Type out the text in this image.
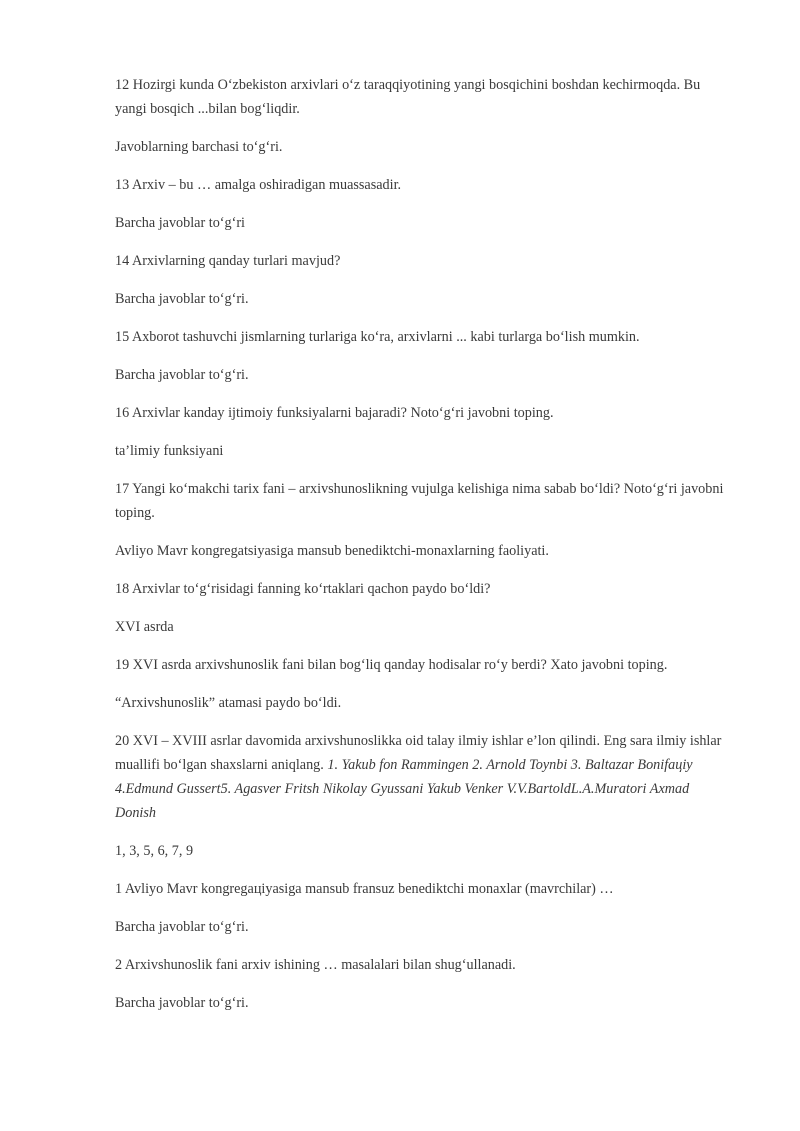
12 Hozirgi kunda O‘zbekiston arxivlari o‘z taraqqiyotining yangi bosqichini boshdan kechirmoqda. Bu yangi bosqich ...bilan bog‘liqdir.

Javoblarning barchasi to‘g‘ri.

13 Arxiv – bu … amalga oshiradigan muassasadir.

Barcha javoblar to‘g‘ri

14 Arxivlarning qanday turlari mavjud?

Barcha javoblar to‘g‘ri.

15 Axborot tashuvchi jismlarning turlariga ko‘ra, arxivlarni ... kabi turlarga bo‘lish mumkin.

Barcha javoblar to‘g‘ri.

16 Arxivlar kanday ijtimoiy funksiyalarni bajaradi? Noto‘g‘ri javobni toping.

ta’limiy funksiyani

17 Yangi ko‘makchi tarix fani – arxivshunoslikning vujulga kelishiga nima sabab bo‘ldi? Noto‘g‘ri javobni toping.

Avliyo Mavr kongregatsiyasiga mansub benediktchi-monaxlarning faoliyati.

18 Arxivlar to‘g‘risidagi fanning ko‘rtaklari qachon paydo bo‘ldi?

XVI asrda

19 XVI asrda arxivshunoslik fani bilan bog‘liq qanday hodisalar ro‘y berdi? Xato javobni toping.

“Arxivshunoslik” atamasi paydo bo‘ldi.

20 XVI – XVIII asrlar davomida arxivshunoslikka oid talay ilmiy ishlar e’lon qilindi. Eng sara ilmiy ishlar muallifi bo‘lgan shaxslarni aniqlang. 1. Yakub fon Rammingen 2. Arnold Toynbi 3. Baltazar Bonifaцiy 4.Edmund Gussert5. Agasver Fritsh Nikolay Gyussani Yakub Venker V.V.BartoldL.A.Muratori Axmad Donish

1, 3, 5, 6, 7, 9

1 Avliyo Mavr kongregaцiyasiga mansub fransuz benediktchi monaxlar (mavrchilar) …

Barcha javoblar to‘g‘ri.

2 Arxivshunoslik fani arxiv ishining … masalalari bilan shug‘ullanadi.

Barcha javoblar to‘g‘ri.
